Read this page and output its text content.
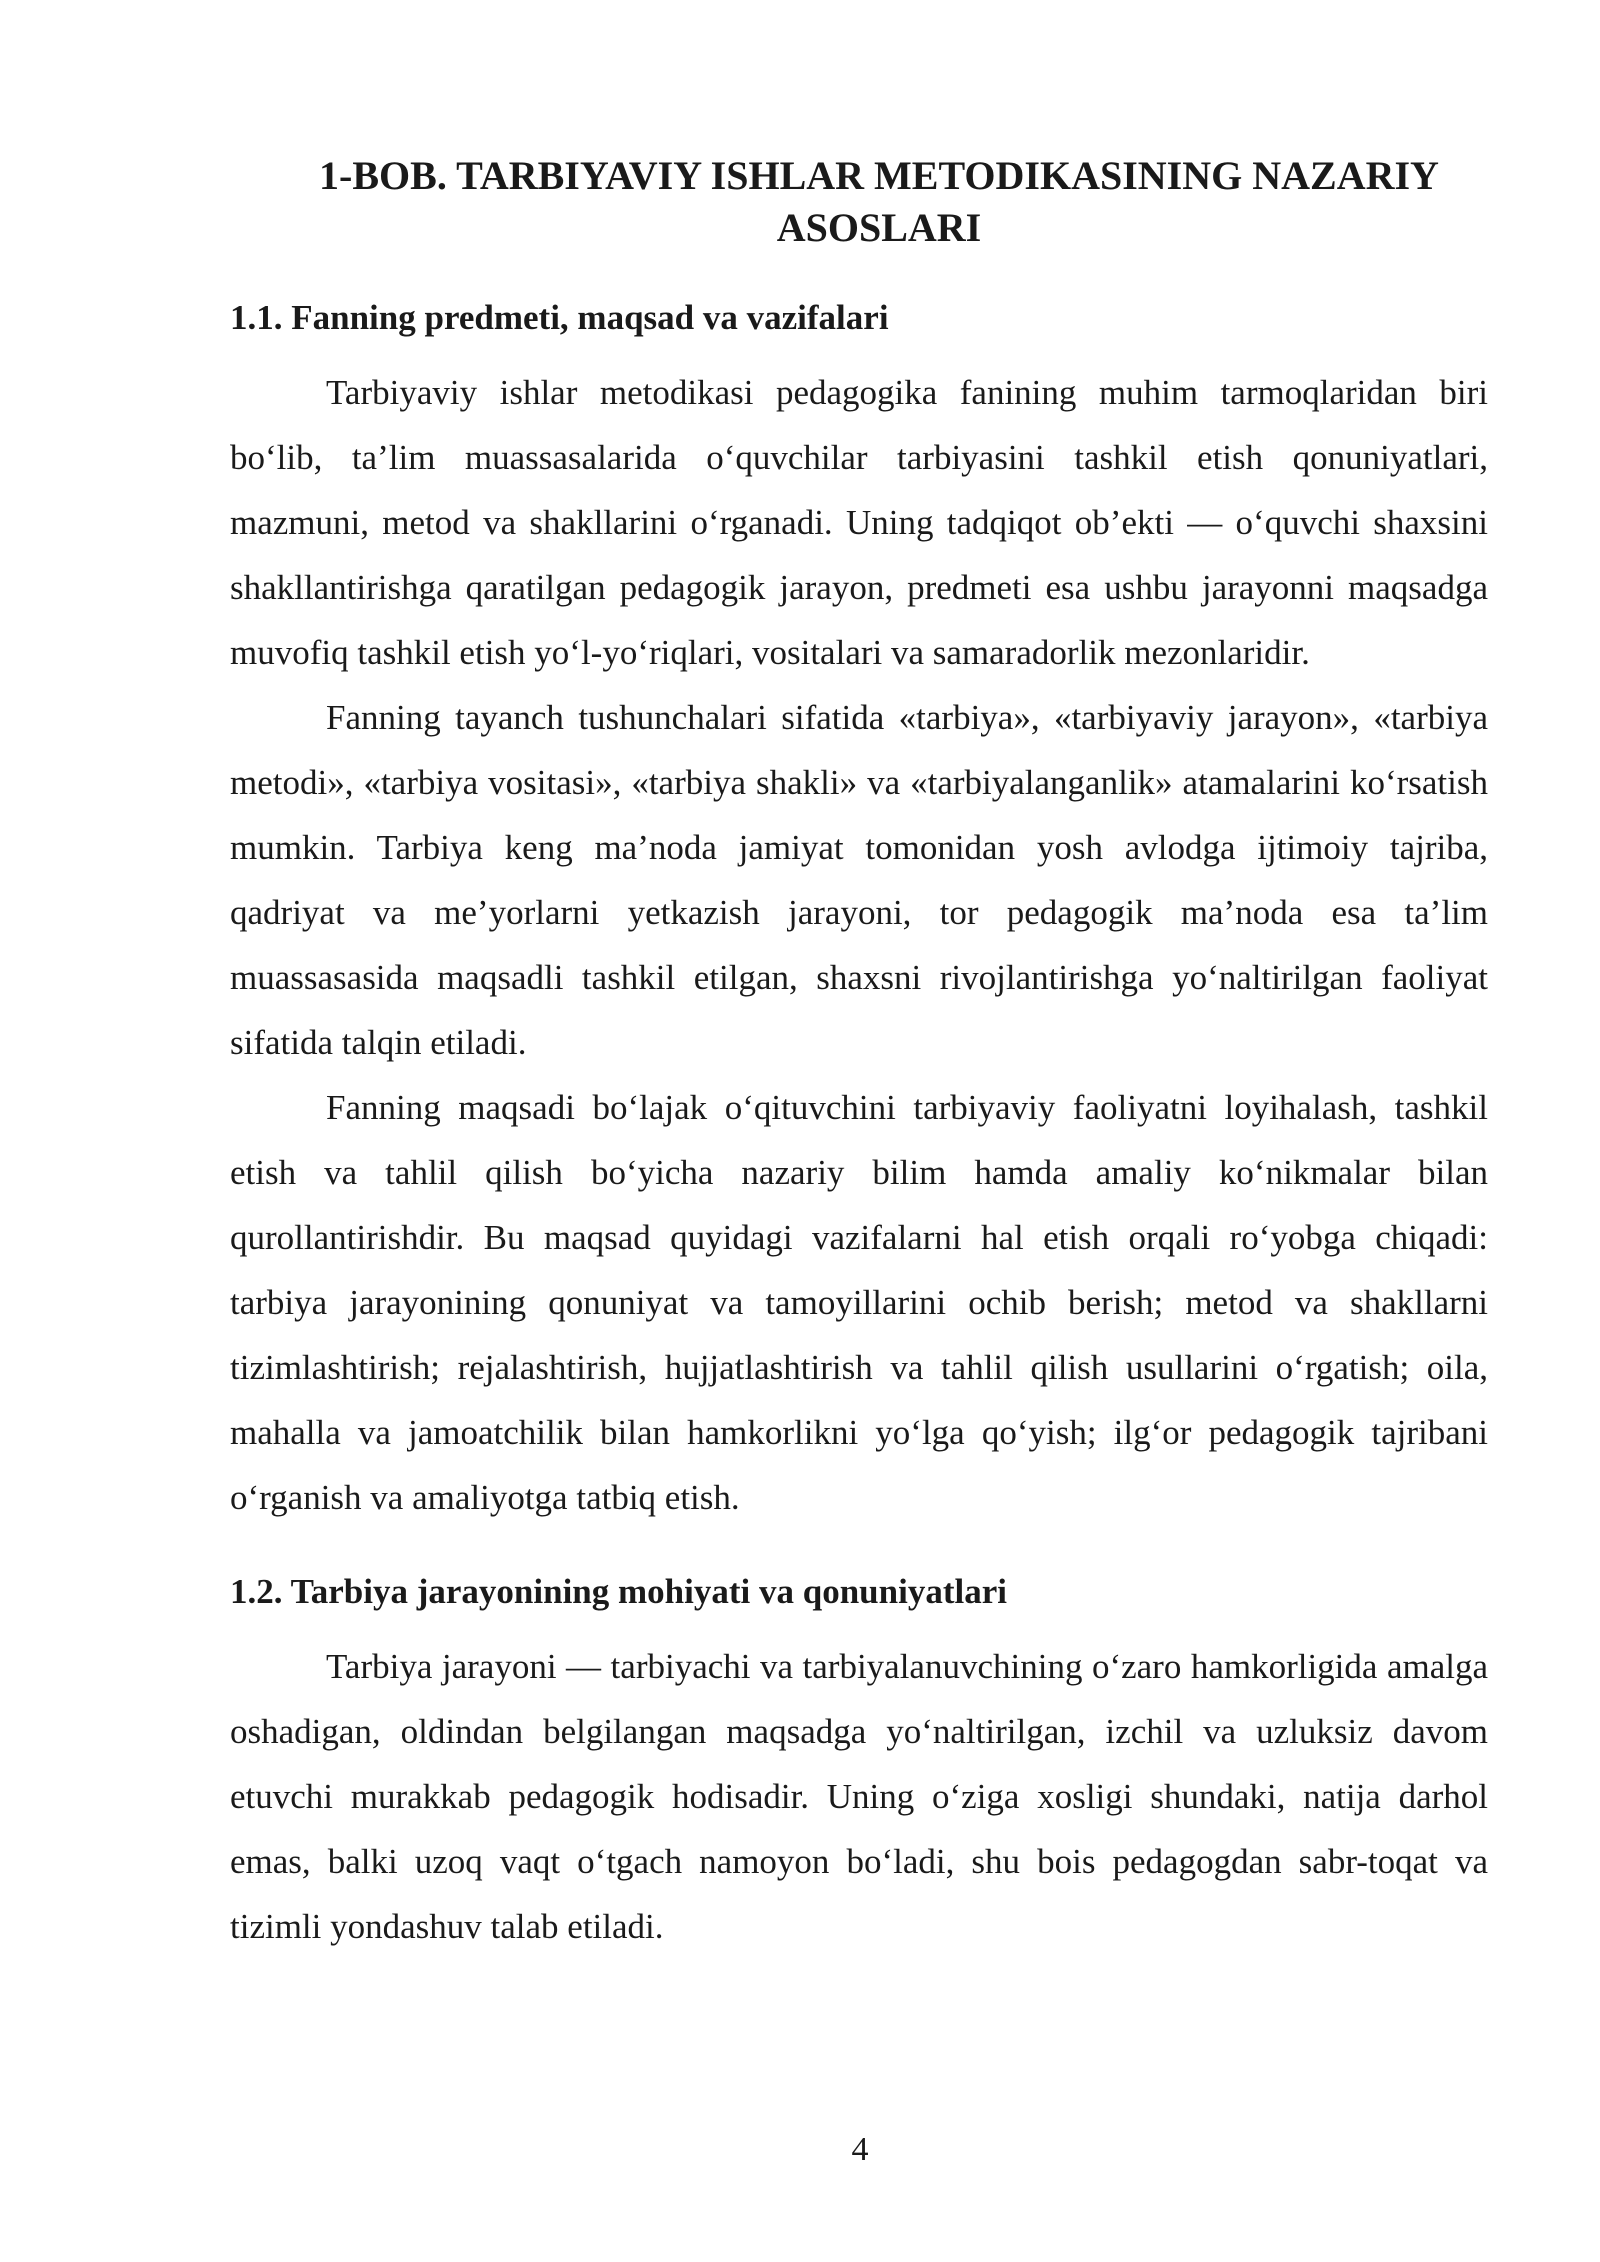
1-BOB. TARBIYAVIY ISHLAR METODIKASINING NAZARIY
ASOSLARI
1.1. Fanning predmeti, maqsad va vazifalari

Tarbiyaviy ishlar metodikasi pedagogika fanining muhim tarmoqlaridan biri bo‘lib, ta’lim muassasalarida o‘quvchilar tarbiyasini tashkil etish qonuniyatlari, mazmuni, metod va shakllarini o‘rganadi. Uning tadqiqot ob’ekti — o‘quvchi shaxsini shakllantirishga qaratilgan pedagogik jarayon, predmeti esa ushbu jarayonni maqsadga muvofiq tashkil etish yo‘l-yo‘riqlari, vositalari va samaradorlik mezonlaridir.

Fanning tayanch tushunchalari sifatida «tarbiya», «tarbiyaviy jarayon», «tarbiya metodi», «tarbiya vositasi», «tarbiya shakli» va «tarbiyalanganlik» atamalarini ko‘rsatish mumkin. Tarbiya keng ma’noda jamiyat tomonidan yosh avlodga ijtimoiy tajriba, qadriyat va me’yorlarni yetkazish jarayoni, tor pedagogik ma’noda esa ta’lim muassasasida maqsadli tashkil etilgan, shaxsni rivojlantirishga yo‘naltirilgan faoliyat sifatida talqin etiladi.

Fanning maqsadi bo‘lajak o‘qituvchini tarbiyaviy faoliyatni loyihalash, tashkil etish va tahlil qilish bo‘yicha nazariy bilim hamda amaliy ko‘nikmalar bilan qurollantirishdir. Bu maqsad quyidagi vazifalarni hal etish orqali ro‘yobga chiqadi: tarbiya jarayonining qonuniyat va tamoyillarini ochib berish; metod va shakllarni tizimlashtirish; rejalashtirish, hujjatlashtirish va tahlil qilish usullarini o‘rgatish; oila, mahalla va jamoatchilik bilan hamkorlikni yo‘lga qo‘yish; ilg‘or pedagogik tajribani o‘rganish va amaliyotga tatbiq etish.

1.2. Tarbiya jarayonining mohiyati va qonuniyatlari

Tarbiya jarayoni — tarbiyachi va tarbiyalanuvchining o‘zaro hamkorligida amalga oshadigan, oldindan belgilangan maqsadga yo‘naltirilgan, izchil va uzluksiz davom etuvchi murakkab pedagogik hodisadir. Uning o‘ziga xosligi shundaki, natija darhol emas, balki uzoq vaqt o‘tgach namoyon bo‘ladi, shu bois pedagogdan sabr-toqat va tizimli yondashuv talab etiladi.

4
